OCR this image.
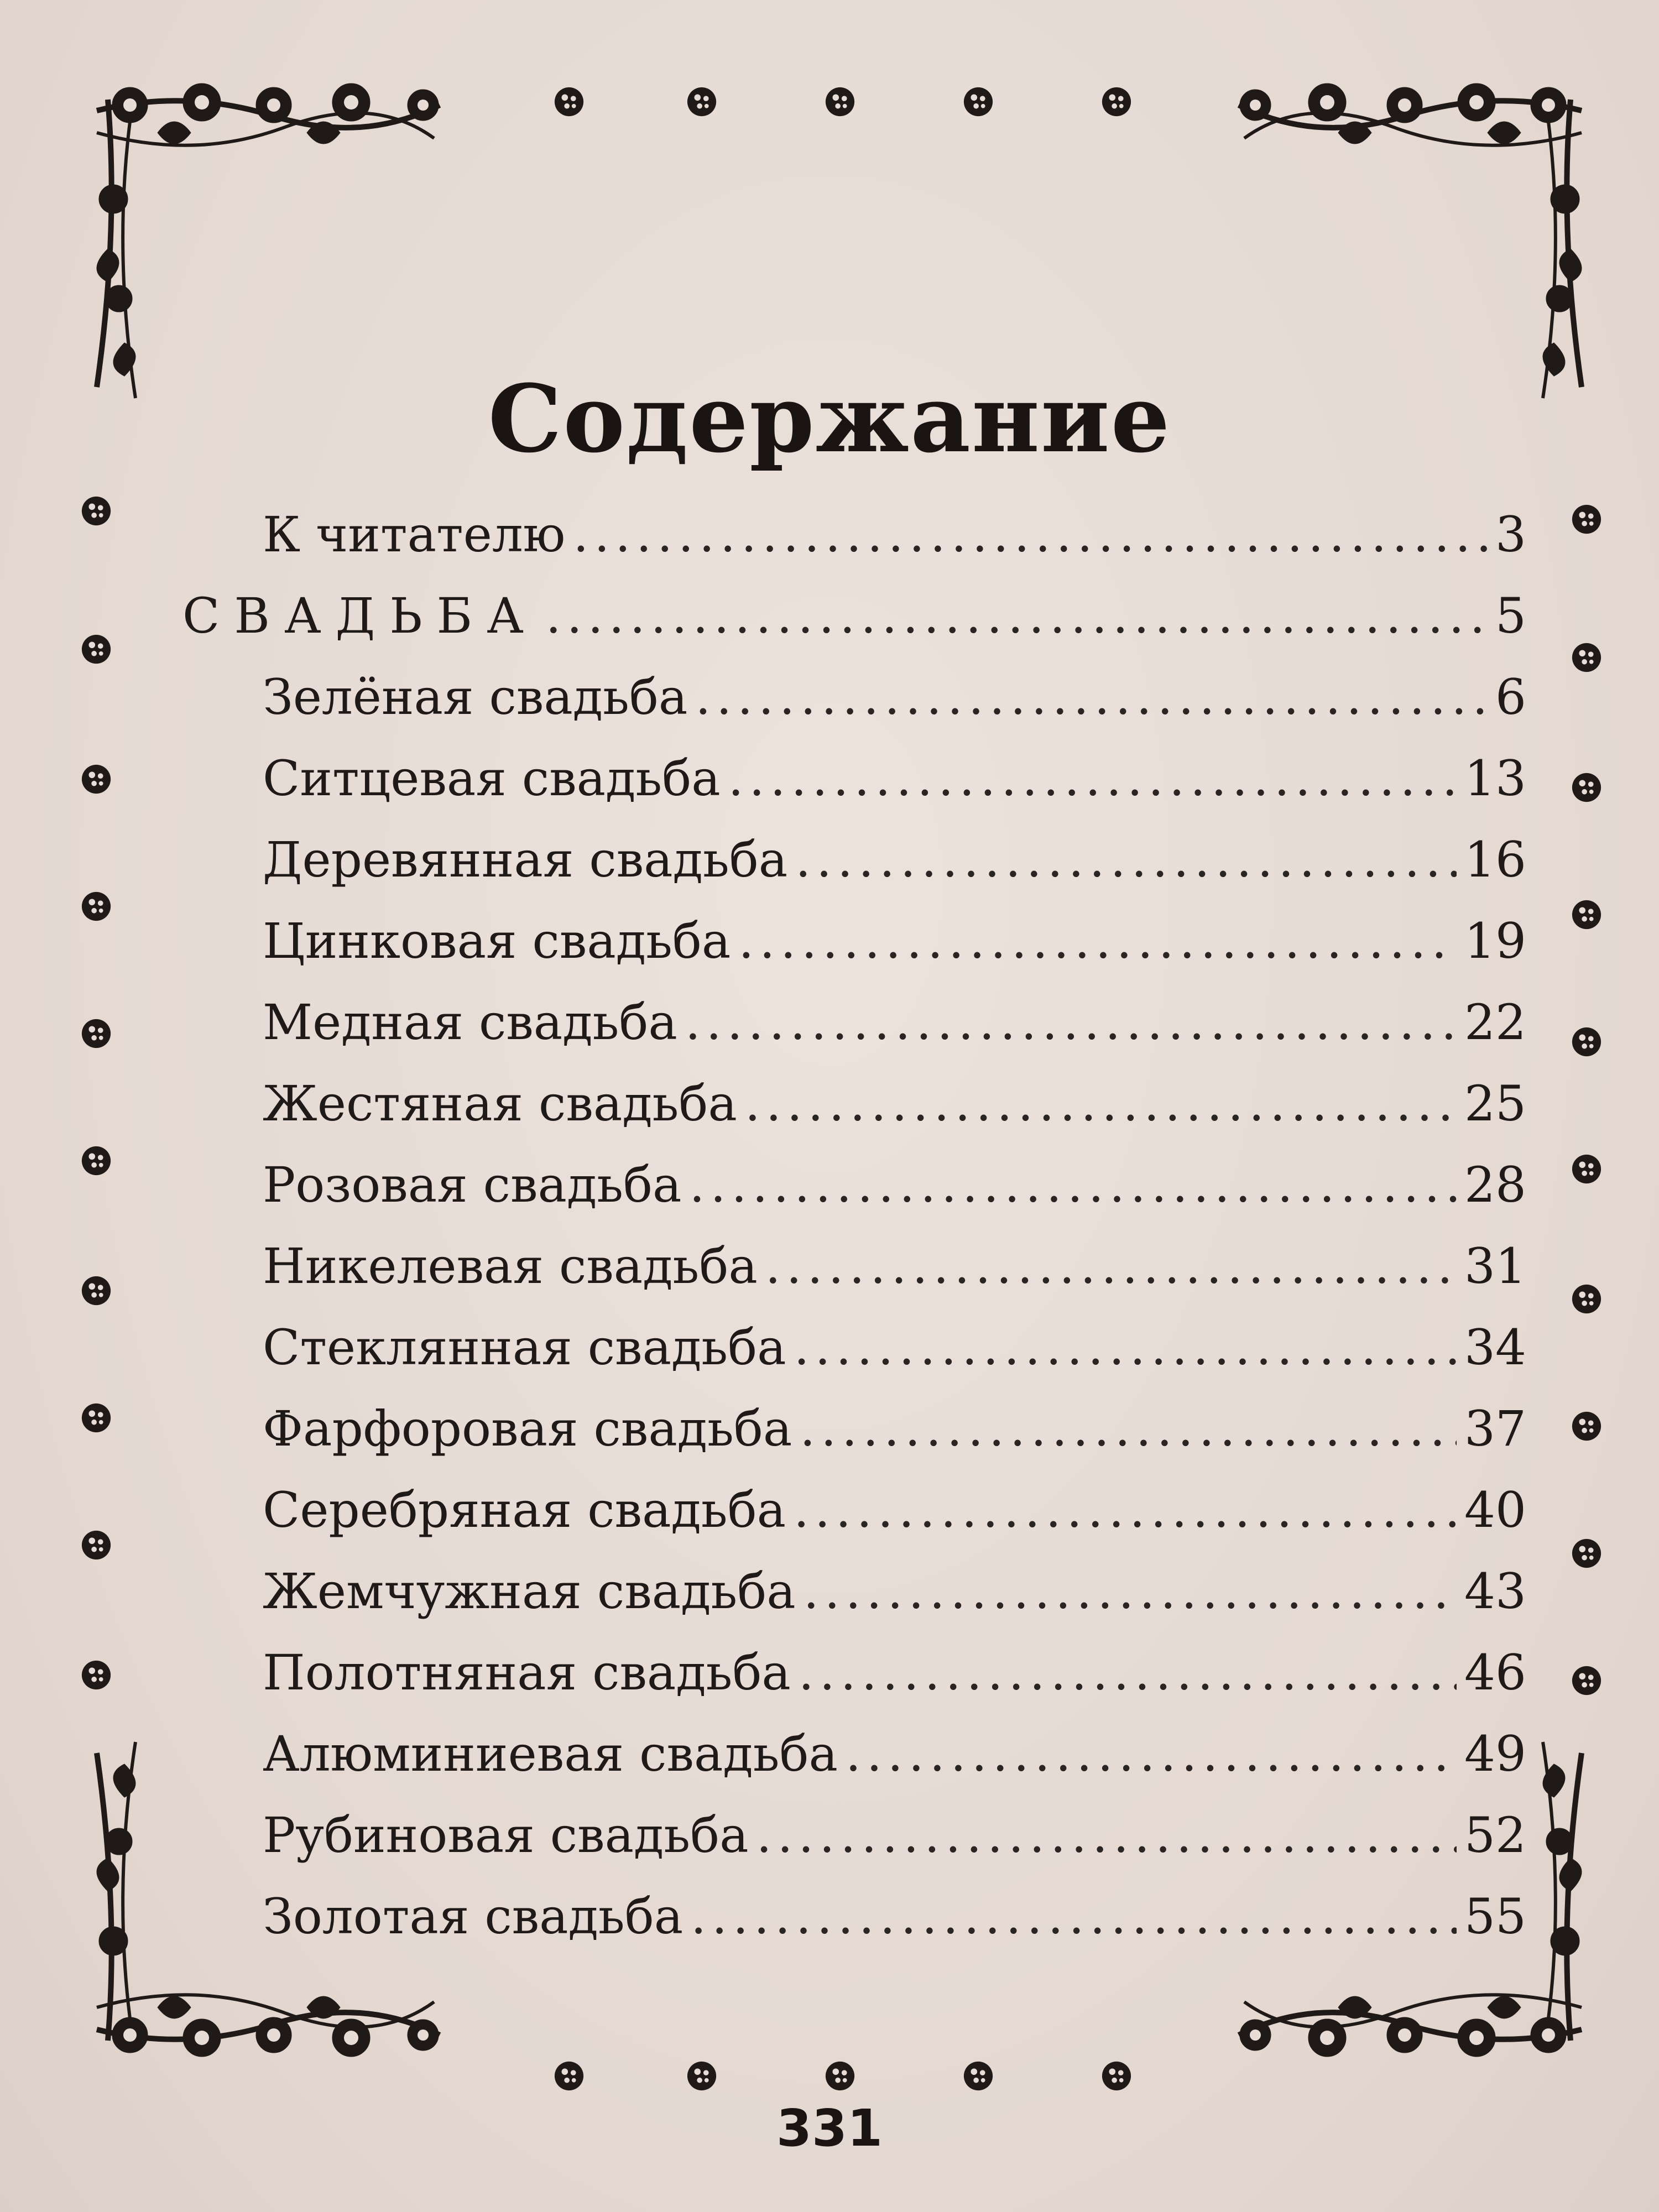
Содержание
К читателю .....	3
СВАДЬБА .....	5
Зелёная свадьба .....	6
Ситцевая свадьба .....	13
Деревянная свадьба .....	16
Цинковая свадьба .....	19
Медная свадьба .....	22
Жестяная свадьба .....	25
Розовая свадьба .....	28
Никелевая свадьба .....	31
Стеклянная свадьба .....	34
Фарфоровая свадьба .....	37
Серебряная свадьба .....	40
Жемчужная свадьба .....	43
Полотняная свадьба .....	46
Алюминиевая свадьба .....	49
Рубиновая свадьба .....	52
Золотая свадьба .....	55
331
